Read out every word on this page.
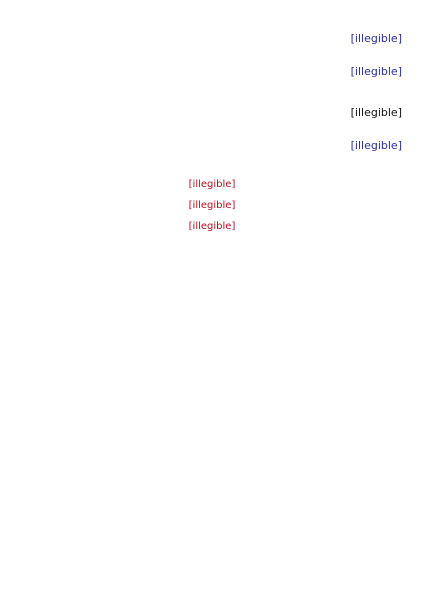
[illegible]

[illegible]

[illegible]

[illegible]

[illegible]
[illegible]
[illegible]
